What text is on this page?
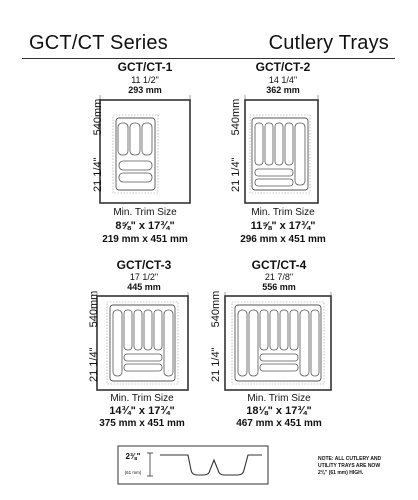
GCT/CT Series	Cutlery Trays
GCT/CT-1
11 1/2"
293 mm
21 1/4"  540mm
Min. Trim Size
8⅝" x 17¾"
219 mm x 451 mm
GCT/CT-2
14 1/4"
362 mm
21 1/4"  540mm
Min. Trim Size
11⅝" x 17¾"
296 mm x 451 mm
GCT/CT-3
17 1/2"
445 mm
21 1/4"  540mm
Min. Trim Size
14¾" x 17¾"
375 mm x 451 mm
GCT/CT-4
21 7/8"
556 mm
21 1/4"  540mm
Min. Trim Size
18⅛" x 17¾"
467 mm x 451 mm
2⅜"
(61 mm)
NOTE: ALL CUTLERY AND
UTILITY TRAYS ARE NOW
2⅜" (61 mm) HIGH.
